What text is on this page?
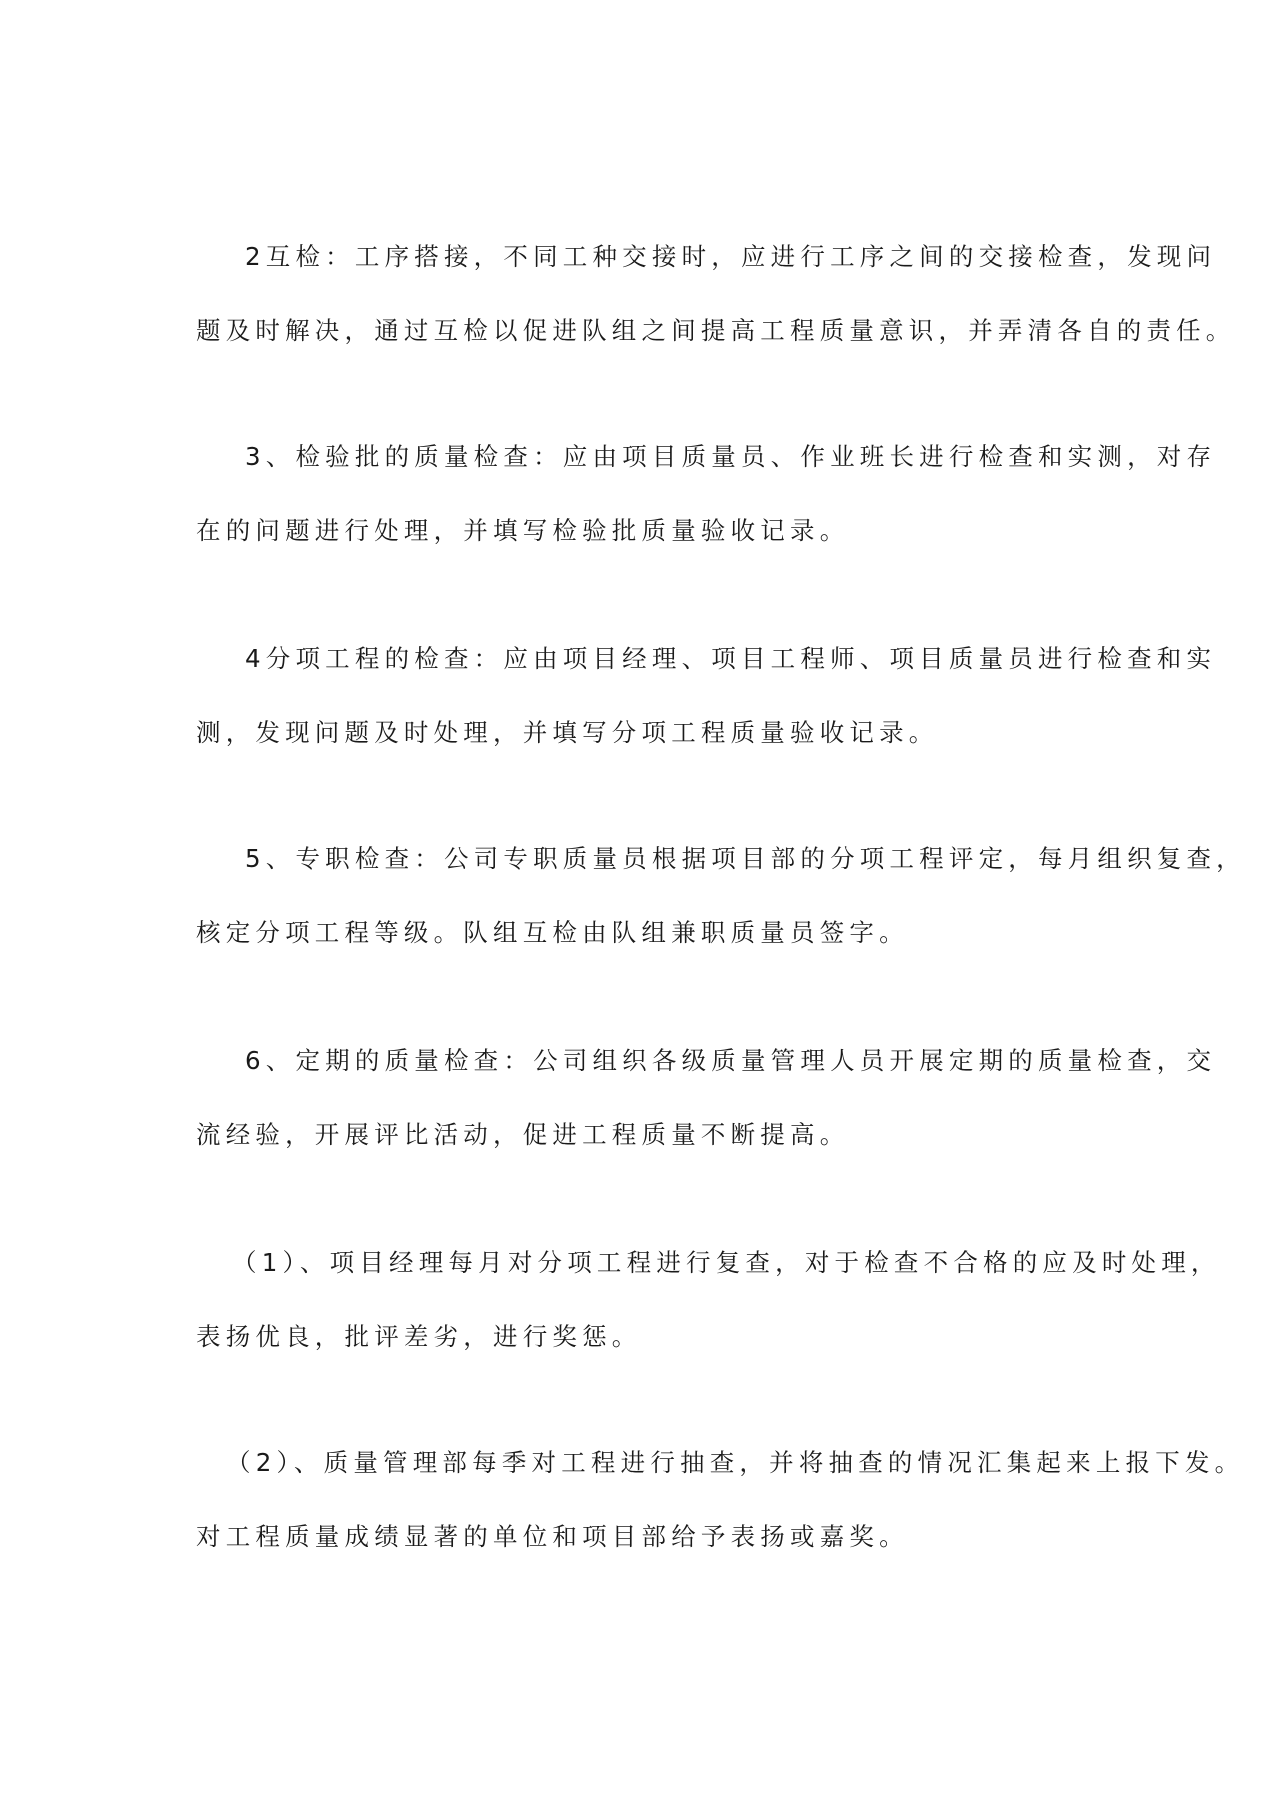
2互检：工序搭接，不同工种交接时，应进行工序之间的交接检查，发现问
题及时解决，通过互检以促进队组之间提高工程质量意识，并弄清各自的责任。
3、检验批的质量检查：应由项目质量员、作业班长进行检查和实测，对存
在的问题进行处理，并填写检验批质量验收记录。
4分项工程的检查：应由项目经理、项目工程师、项目质量员进行检查和实
测，发现问题及时处理，并填写分项工程质量验收记录。
5、专职检查：公司专职质量员根据项目部的分项工程评定，每月组织复查，
核定分项工程等级。队组互检由队组兼职质量员签字。
6、定期的质量检查：公司组织各级质量管理人员开展定期的质量检查，交
流经验，开展评比活动，促进工程质量不断提高。
（1）、项目经理每月对分项工程进行复查，对于检查不合格的应及时处理，
表扬优良，批评差劣，进行奖惩。
（2）、质量管理部每季对工程进行抽查，并将抽查的情况汇集起来上报下发。
对工程质量成绩显著的单位和项目部给予表扬或嘉奖。
